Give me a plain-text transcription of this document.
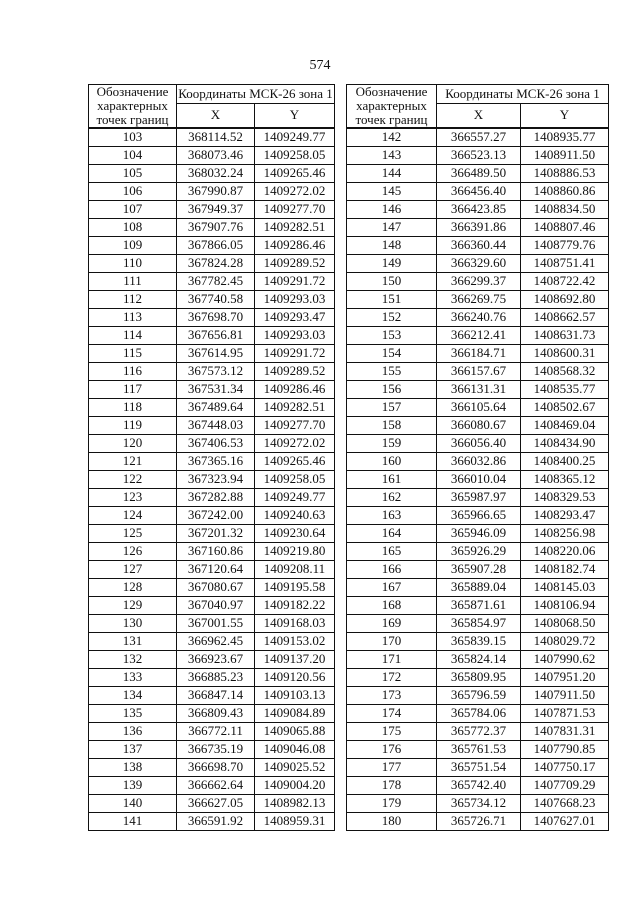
574
Обозначение характерных точек границ	Координаты МСК-26 зона 1	
	X	Y
103	368114.52	1409249.77
104	368073.46	1409258.05
105	368032.24	1409265.46
106	367990.87	1409272.02
107	367949.37	1409277.70
108	367907.76	1409282.51
109	367866.05	1409286.46
110	367824.28	1409289.52
111	367782.45	1409291.72
112	367740.58	1409293.03
113	367698.70	1409293.47
114	367656.81	1409293.03
115	367614.95	1409291.72
116	367573.12	1409289.52
117	367531.34	1409286.46
118	367489.64	1409282.51
119	367448.03	1409277.70
120	367406.53	1409272.02
121	367365.16	1409265.46
122	367323.94	1409258.05
123	367282.88	1409249.77
124	367242.00	1409240.63
125	367201.32	1409230.64
126	367160.86	1409219.80
127	367120.64	1409208.11
128	367080.67	1409195.58
129	367040.97	1409182.22
130	367001.55	1409168.03
131	366962.45	1409153.02
132	366923.67	1409137.20
133	366885.23	1409120.56
134	366847.14	1409103.13
135	366809.43	1409084.89
136	366772.11	1409065.88
137	366735.19	1409046.08
138	366698.70	1409025.52
139	366662.64	1409004.20
140	366627.05	1408982.13
141	366591.92	1408959.31
Обозначение характерных точек границ	Координаты МСК-26 зона 1	
	X	Y
142	366557.27	1408935.77
143	366523.13	1408911.50
144	366489.50	1408886.53
145	366456.40	1408860.86
146	366423.85	1408834.50
147	366391.86	1408807.46
148	366360.44	1408779.76
149	366329.60	1408751.41
150	366299.37	1408722.42
151	366269.75	1408692.80
152	366240.76	1408662.57
153	366212.41	1408631.73
154	366184.71	1408600.31
155	366157.67	1408568.32
156	366131.31	1408535.77
157	366105.64	1408502.67
158	366080.67	1408469.04
159	366056.40	1408434.90
160	366032.86	1408400.25
161	366010.04	1408365.12
162	365987.97	1408329.53
163	365966.65	1408293.47
164	365946.09	1408256.98
165	365926.29	1408220.06
166	365907.28	1408182.74
167	365889.04	1408145.03
168	365871.61	1408106.94
169	365854.97	1408068.50
170	365839.15	1408029.72
171	365824.14	1407990.62
172	365809.95	1407951.20
173	365796.59	1407911.50
174	365784.06	1407871.53
175	365772.37	1407831.31
176	365761.53	1407790.85
177	365751.54	1407750.17
178	365742.40	1407709.29
179	365734.12	1407668.23
180	365726.71	1407627.01
